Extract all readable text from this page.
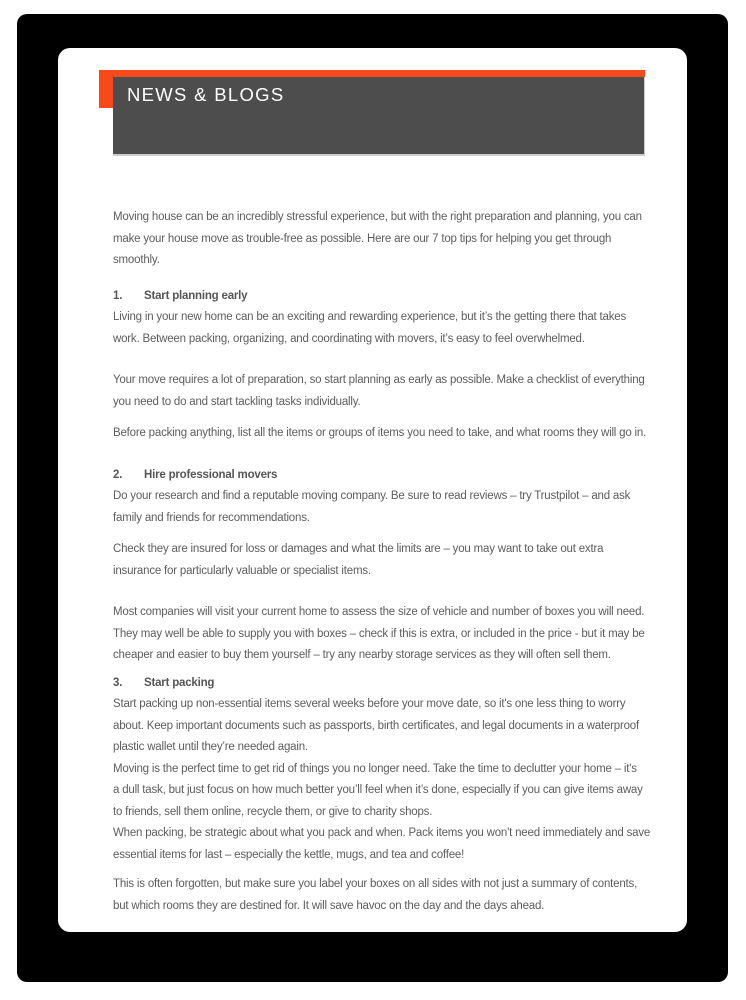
NEWS & BLOGS
Moving house can be an incredibly stressful experience, but with the right preparation and planning, you can
make your house move as trouble-free as possible. Here are our 7 top tips for helping you get through
smoothly.
1. Start planning early
Living in your new home can be an exciting and rewarding experience, but it’s the getting there that takes
work. Between packing, organizing, and coordinating with movers, it’s easy to feel overwhelmed.
Your move requires a lot of preparation, so start planning as early as possible. Make a checklist of everything
you need to do and start tackling tasks individually.
Before packing anything, list all the items or groups of items you need to take, and what rooms they will go in.
2. Hire professional movers
Do your research and find a reputable moving company. Be sure to read reviews – try Trustpilot – and ask
family and friends for recommendations.
Check they are insured for loss or damages and what the limits are – you may want to take out extra
insurance for particularly valuable or specialist items.
Most companies will visit your current home to assess the size of vehicle and number of boxes you will need.
They may well be able to supply you with boxes – check if this is extra, or included in the price - but it may be
cheaper and easier to buy them yourself – try any nearby storage services as they will often sell them.
3. Start packing
Start packing up non-essential items several weeks before your move date, so it's one less thing to worry
about. Keep important documents such as passports, birth certificates, and legal documents in a waterproof
plastic wallet until they’re needed again.
Moving is the perfect time to get rid of things you no longer need. Take the time to declutter your home – it's
a dull task, but just focus on how much better you’ll feel when it’s done, especially if you can give items away
to friends, sell them online, recycle them, or give to charity shops.
When packing, be strategic about what you pack and when. Pack items you won't need immediately and save
essential items for last – especially the kettle, mugs, and tea and coffee!
This is often forgotten, but make sure you label your boxes on all sides with not just a summary of contents,
but which rooms they are destined for. It will save havoc on the day and the days ahead.
